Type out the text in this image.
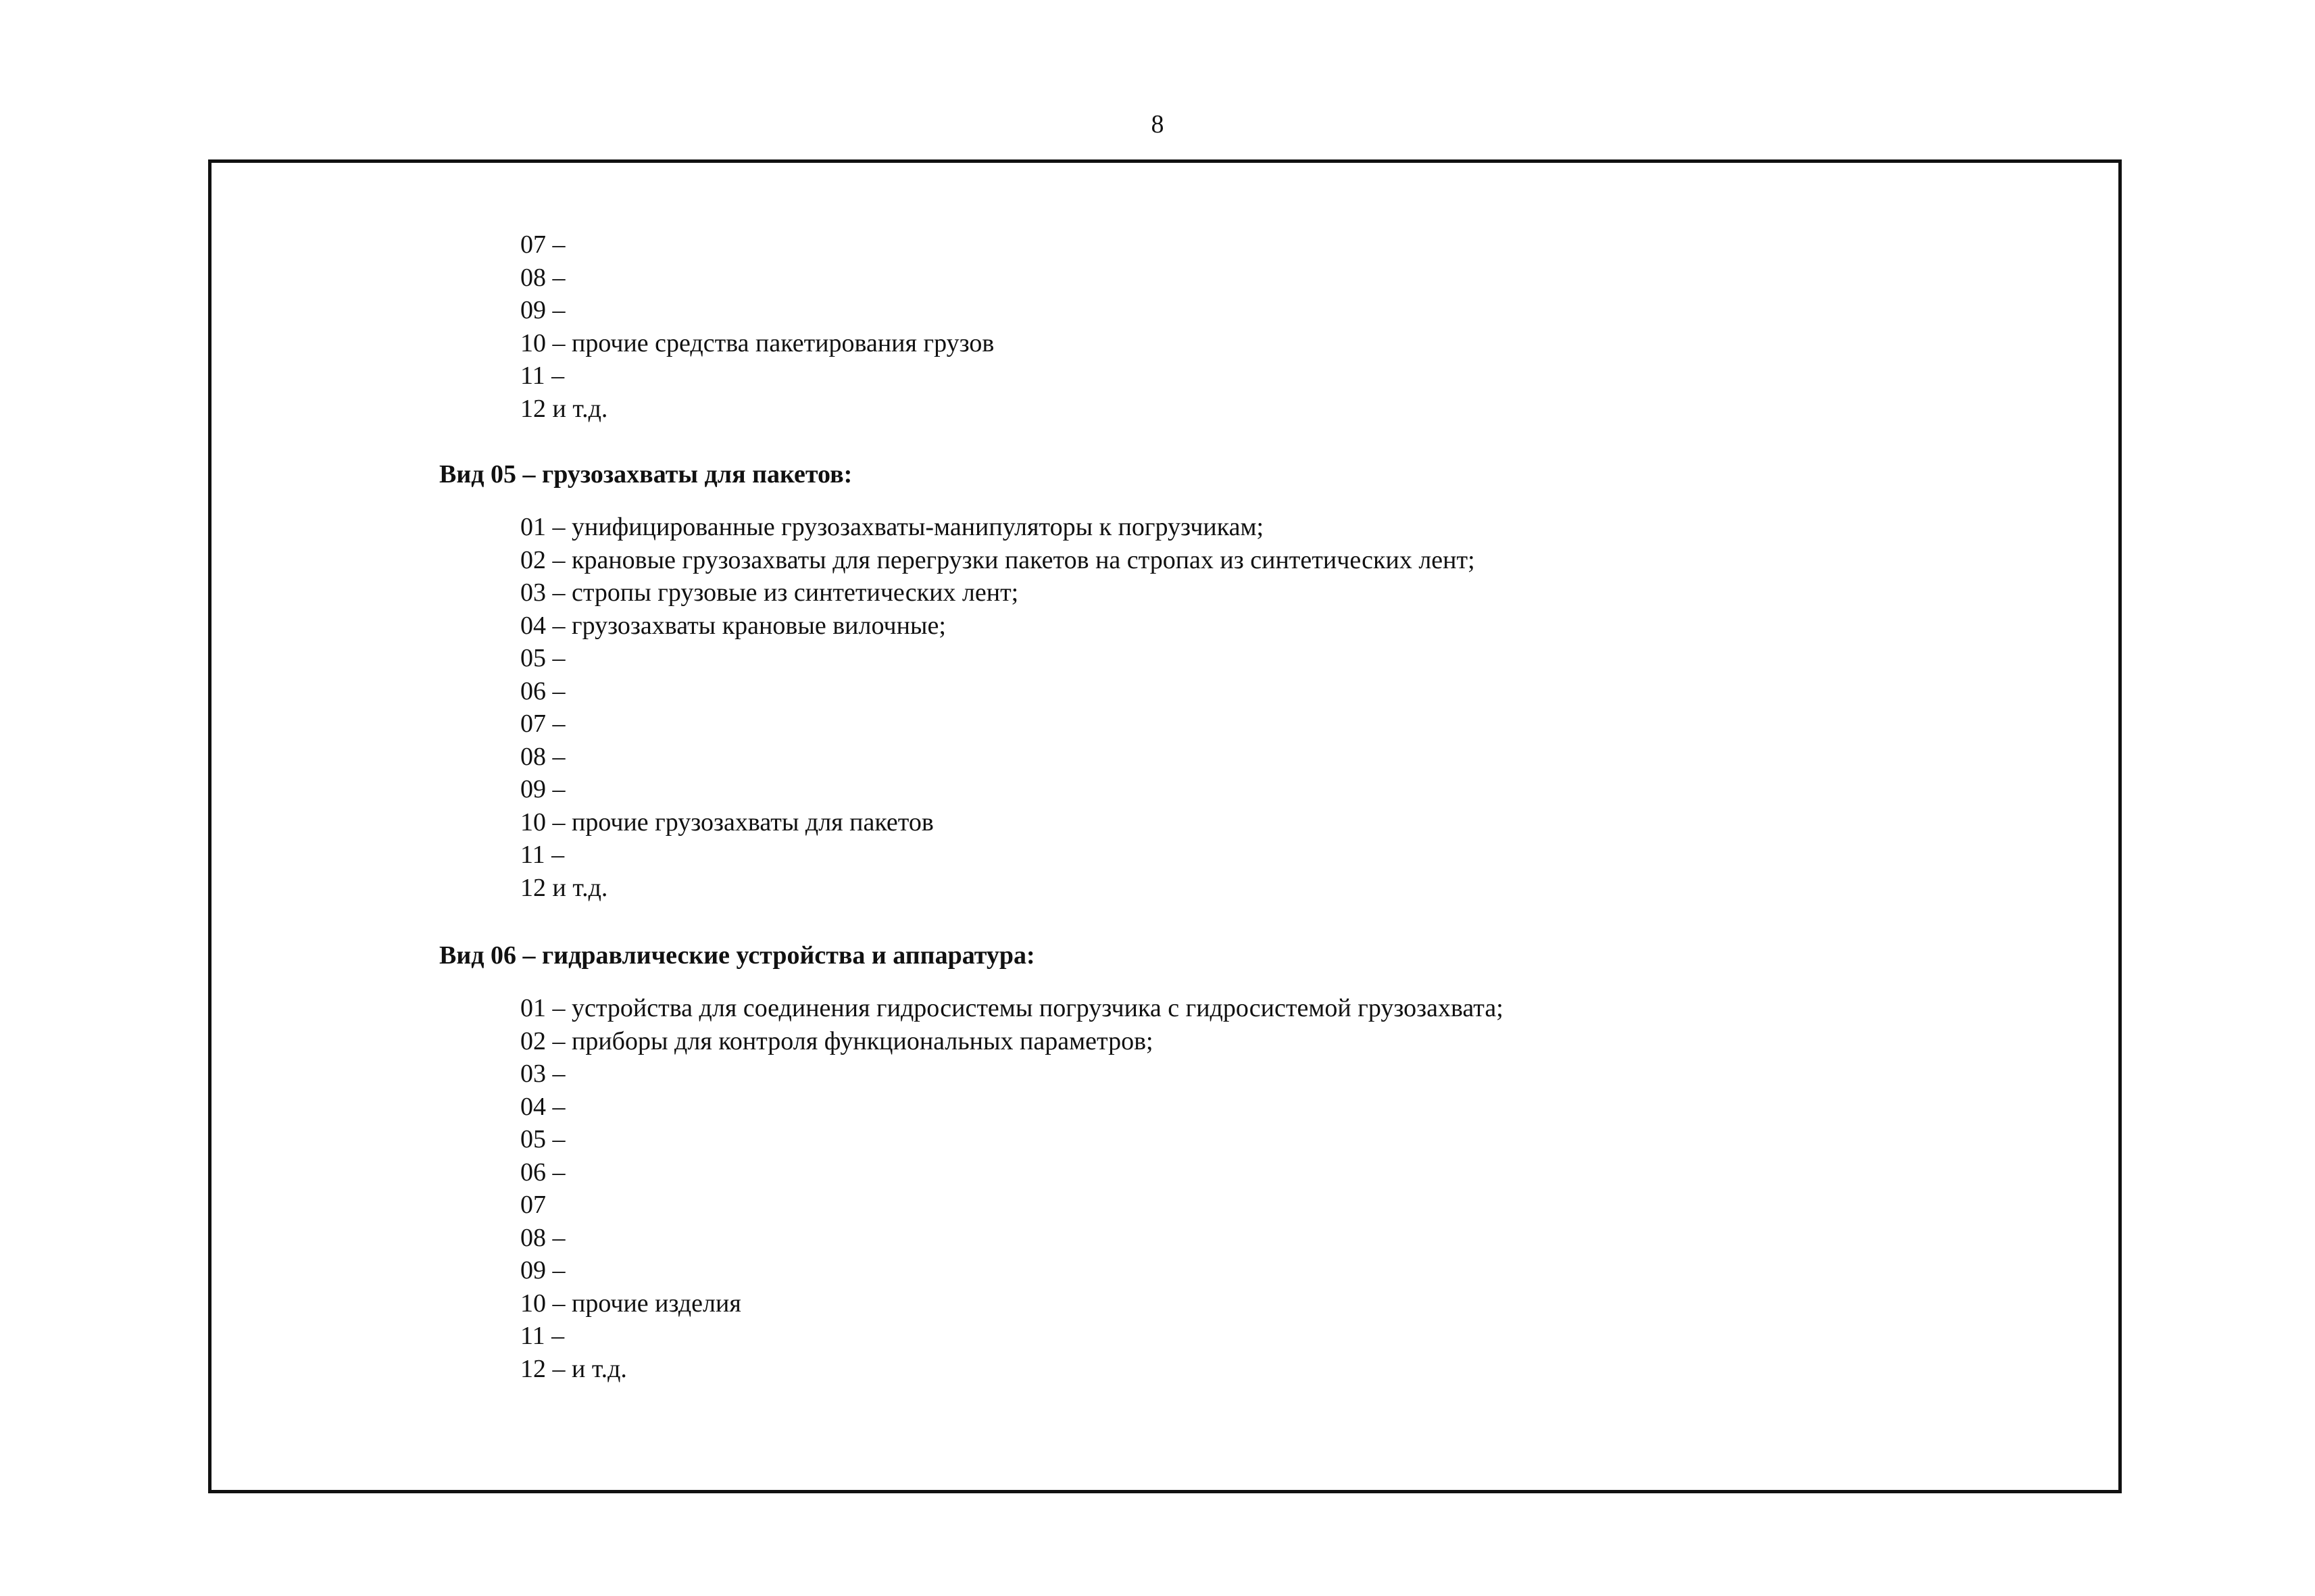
8
07 –
08 –
09 –
10 – прочие средства пакетирования грузов
11 –
12 и т.д.
Вид 05 – грузозахваты для пакетов:
01 – унифицированные грузозахваты-манипуляторы к погрузчикам;
02 – крановые грузозахваты для перегрузки пакетов на стропах из синтетических лент;
03 – стропы грузовые из синтетических лент;
04 – грузозахваты крановые вилочные;
05 –
06 –
07 –
08 –
09 –
10 – прочие грузозахваты для пакетов
11 –
12 и т.д.
Вид 06 – гидравлические устройства и аппаратура:
01 – устройства для соединения гидросистемы погрузчика с гидросистемой грузозахвата;
02 – приборы для контроля функциональных параметров;
03 –
04 –
05 –
06 –
07
08 –
09 –
10 – прочие изделия
11 –
12 – и т.д.
